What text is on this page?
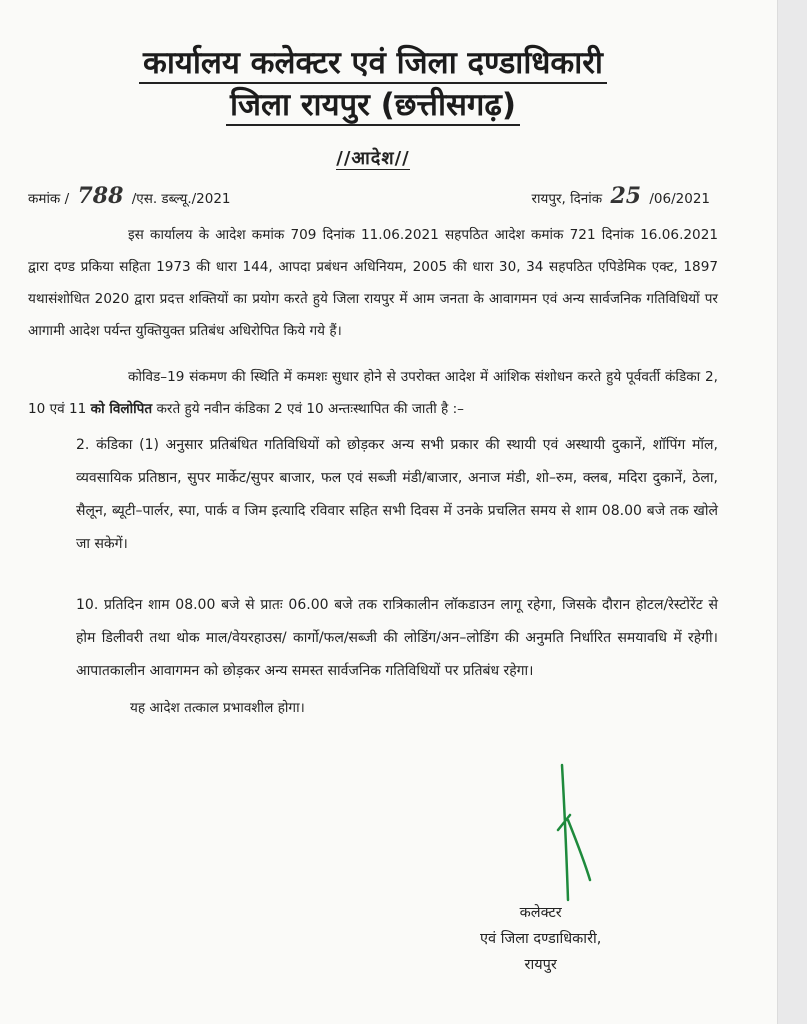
कार्यालय कलेक्टर एवं जिला दण्डाधिकारी
जिला रायपुर (छत्तीसगढ़)
//आदेश//
कमांक / 788 /एस. डब्ल्यू./2021	रायपुर, दिनांक 25 /06/2021

इस कार्यालय के आदेश कमांक 709 दिनांक 11.06.2021 सहपठित आदेश कमांक 721 दिनांक 16.06.2021 द्वारा दण्ड प्रकिया सहिता 1973 की धारा 144, आपदा प्रबंधन अधिनियम, 2005 की धारा 30, 34 सहपठित एपिडेमिक एक्ट, 1897 यथासंशोधित 2020 द्वारा प्रदत्त शक्तियों का प्रयोग करते हुये जिला रायपुर में आम जनता के आवागमन एवं अन्य सार्वजनिक गतिविधियों पर आगामी आदेश पर्यन्त युक्तियुक्त प्रतिबंध अधिरोपित किये गये हैं।

कोविड–19 संकमण की स्थिति में कमशः सुधार होने से उपरोक्त आदेश में आंशिक संशोधन करते हुये पूर्ववर्ती कंडिका 2, 10 एवं 11 को विलोपित करते हुये नवीन कंडिका 2 एवं 10 अन्तःस्थापित की जाती है :–

2. कंडिका (1) अनुसार प्रतिबंधित गतिविधियों को छोड़कर अन्य सभी प्रकार की स्थायी एवं अस्थायी दुकानें, शॉपिंग मॉल, व्यवसायिक प्रतिष्ठान, सुपर मार्केट/सुपर बाजार, फल एवं सब्जी मंडी/बाजार, अनाज मंडी, शो–रुम, क्लब, मदिरा दुकानें, ठेला, सैलून, ब्यूटी–पार्लर, स्पा, पार्क व जिम इत्यादि रविवार सहित सभी दिवस में उनके प्रचलित समय से शाम 08.00 बजे तक खोले जा सकेगें।

10. प्रतिदिन शाम 08.00 बजे से प्रातः 06.00 बजे तक रात्रिकालीन लॉकडाउन लागू रहेगा, जिसके दौरान होटल/रेस्टोरेंट से होम डिलीवरी तथा थोक माल/वेयरहाउस/ कार्गो/फल/सब्जी की लोडिंग/अन–लोडिंग की अनुमति निर्धारित समयावधि में रहेगी। आपातकालीन आवागमन को छोड़कर अन्य समस्त सार्वजनिक गतिविधियों पर प्रतिबंध रहेगा।

यह आदेश तत्काल प्रभावशील होगा।

कलेक्टर
एवं जिला दण्डाधिकारी,
रायपुर
